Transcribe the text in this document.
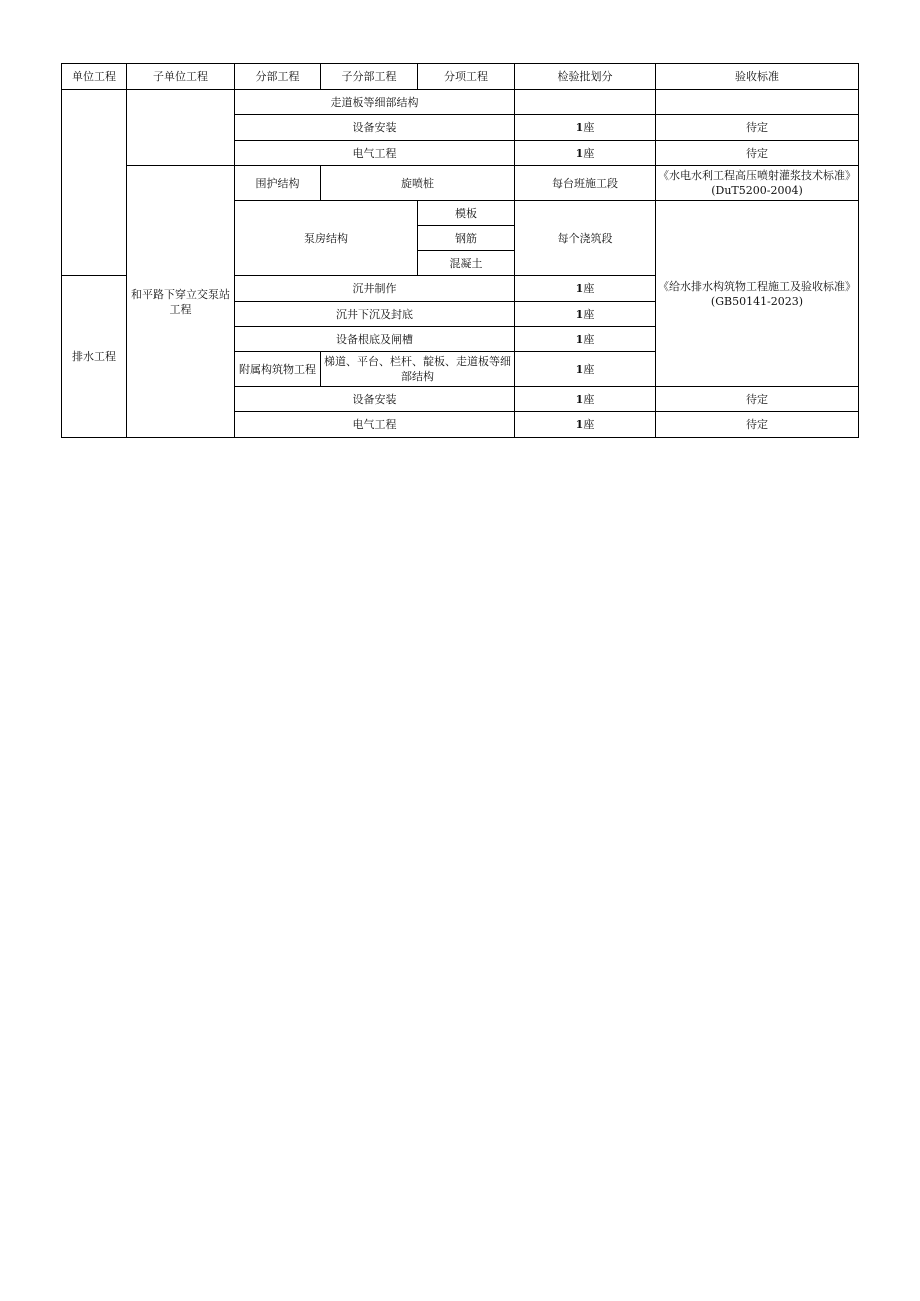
单位工程	子单位工程	分部工程	子分部工程	分项工程	检验批划分	验收标准
		走道板等细部结构				
		设备安装			1座	待定
		电气工程			1座	待定
	和平路下穿立交泵站工程	围护结构	旋喷桩		每台班施工段	《水电水利工程高压喷射灌浆技术标准》(DuT5200-2004)
		泵房结构		模板	每个浇筑段	《给水排水构筑物工程施工及验收标准》(GB50141-2023)
				钢筋		
				混凝土		
排水工程		沉井制作			1座	
		沉井下沉及封底			1座	
		设备根底及闸槽			1座	
		附属构筑物工程	梯道、平台、栏杆、靛板、走道板等细部结构		1座	
		设备安装			1座	待定
		电气工程			1座	待定
